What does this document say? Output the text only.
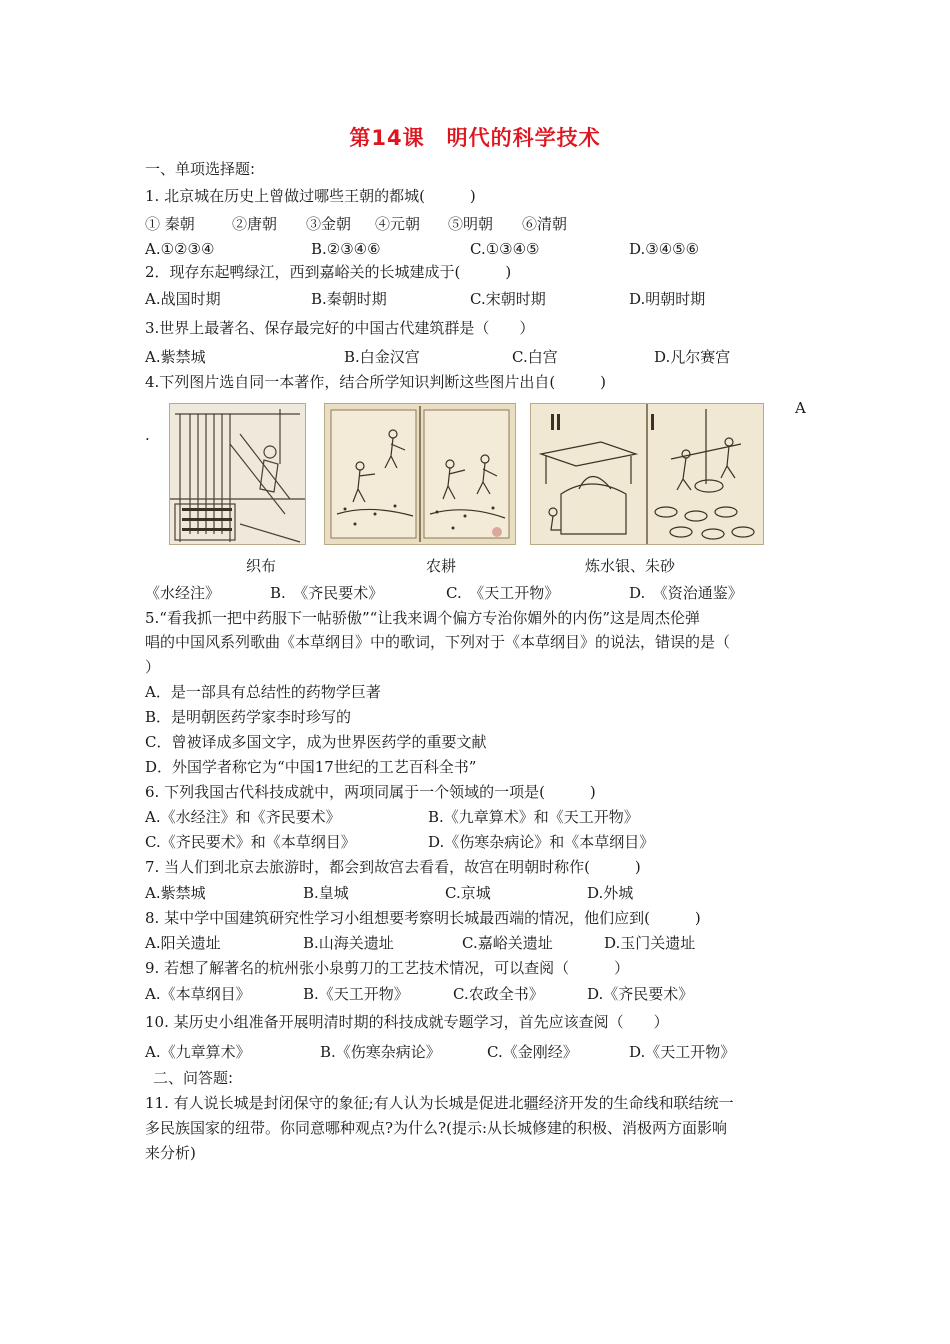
第14课　明代的科学技术
一、单项选择题:
1. 北京城在历史上曾做过哪些王朝的都城(　　　)
① 秦朝 ②唐朝 ③金朝 ④元朝 ⑤明朝 ⑥清朝
A.①②③④	B.②③④⑥	C.①③④⑤	D.③④⑤⑥
2．现存东起鸭绿江，西到嘉峪关的长城建成于(　　　)
A.战国时期	B.秦朝时期	C.宋朝时期	D.明朝时期
3.世界上最著名、保存最完好的中国古代建筑群是（　　）
A.紫禁城	B.白金汉宫	C.白宫	D.凡尔赛宫
4.下列图片选自同一本著作，结合所学知识判断这些图片出自(　　　)
.
A
织布	农耕	炼水银、朱砂
《水经注》	B.　《齐民要术》	C.　《天工开物》	D.　《资治通鉴》
5.“看我抓一把中药服下一帖骄傲”“让我来调个偏方专治你媚外的内伤”这是周杰伦弹
唱的中国风系列歌曲《本草纲目》中的歌词，下列对于《本草纲目》的说法，错误的是（
）
A．是一部具有总结性的药物学巨著
B．是明朝医药学家李时珍写的
C．曾被译成多国文字，成为世界医药学的重要文献
D．外国学者称它为“中国17世纪的工艺百科全书”
6. 下列我国古代科技成就中，两项同属于一个领域的一项是(　　　)
A.《水经注》和《齐民要术》	B.《九章算术》和《天工开物》
C.《齐民要术》和《本草纲目》	D.《伤寒杂病论》和《本草纲目》
7. 当人们到北京去旅游时，都会到故宫去看看，故宫在明朝时称作(　　　)
A.紫禁城	B.皇城	C.京城	D.外城
8. 某中学中国建筑研究性学习小组想要考察明长城最西端的情况，他们应到(　　　)
A.阳关遗址	B.山海关遗址	C.嘉峪关遗址	D.玉门关遗址
9. 若想了解著名的杭州张小泉剪刀的工艺技术情况，可以查阅（　　　）
A.《本草纲目》	B.《天工开物》	C.农政全书》	D.《齐民要术》
10. 某历史小组准备开展明清时期的科技成就专题学习，首先应该查阅（　　）
A.《九章算术》	B.《伤寒杂病论》	C.《金刚经》	D.《天工开物》
二、问答题:
11. 有人说长城是封闭保守的象征;有人认为长城是促进北疆经济开发的生命线和联结统一
多民族国家的纽带。你同意哪种观点?为什么?(提示:从长城修建的积极、消极两方面影响
来分析)
